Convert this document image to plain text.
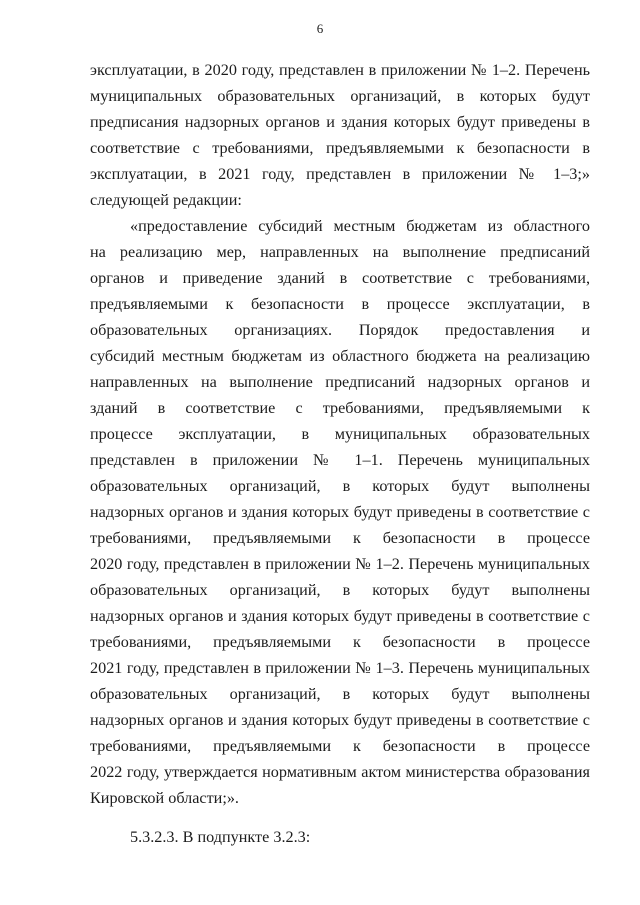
6
эксплуатации, в 2020 году, представлен в приложении № 1–2. Перечень
муниципальных образовательных организаций, в которых будут
предписания надзорных органов и здания которых будут приведены в
соответствие с требованиями, предъявляемыми к безопасности в
эксплуатации, в 2021 году, представлен в приложении № 1–3;»
следующей редакции:
«предоставление субсидий местным бюджетам из областного
на реализацию мер, направленных на выполнение предписаний
органов и приведение зданий в соответствие с требованиями,
предъявляемыми к безопасности в процессе эксплуатации, в
образовательных организациях. Порядок предоставления и
субсидий местным бюджетам из областного бюджета на реализацию
направленных на выполнение предписаний надзорных органов и
зданий в соответствие с требованиями, предъявляемыми к
процессе эксплуатации, в муниципальных образовательных
представлен в приложении № 1–1. Перечень муниципальных
образовательных организаций, в которых будут выполнены
надзорных органов и здания которых будут приведены в соответствие с
требованиями, предъявляемыми к безопасности в процессе
2020 году, представлен в приложении № 1–2. Перечень муниципальных
образовательных организаций, в которых будут выполнены
надзорных органов и здания которых будут приведены в соответствие с
требованиями, предъявляемыми к безопасности в процессе
2021 году, представлен в приложении № 1–3. Перечень муниципальных
образовательных организаций, в которых будут выполнены
надзорных органов и здания которых будут приведены в соответствие с
требованиями, предъявляемыми к безопасности в процессе
2022 году, утверждается нормативным актом министерства образования
Кировской области;».
5.3.2.3. В подпункте 3.2.3:
